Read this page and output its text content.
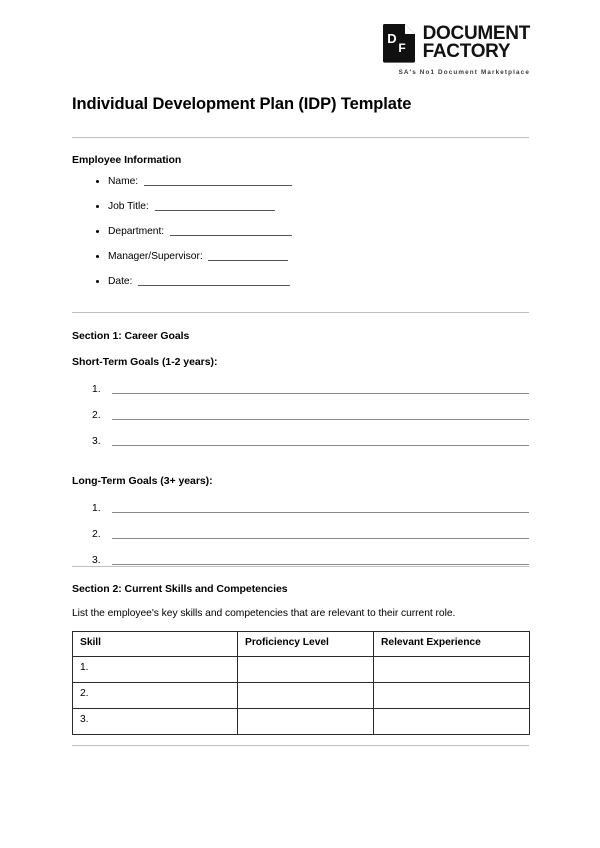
D
F
DOCUMENT
FACTORY
SA's No1 Document Marketplace
Individual Development Plan (IDP) Template

Employee Information

Name:
Job Title:
Department:
Manager/Supervisor:
Date:

Section 1: Career Goals

Short-Term Goals (1-2 years):

1.
2.
3.

Long-Term Goals (3+ years):

1.
2.
3.

Section 2: Current Skills and Competencies

List the employee's key skills and competencies that are relevant to their current role.

Skill	Proficiency Level	Relevant Experience
1.		
2.		
3.		
